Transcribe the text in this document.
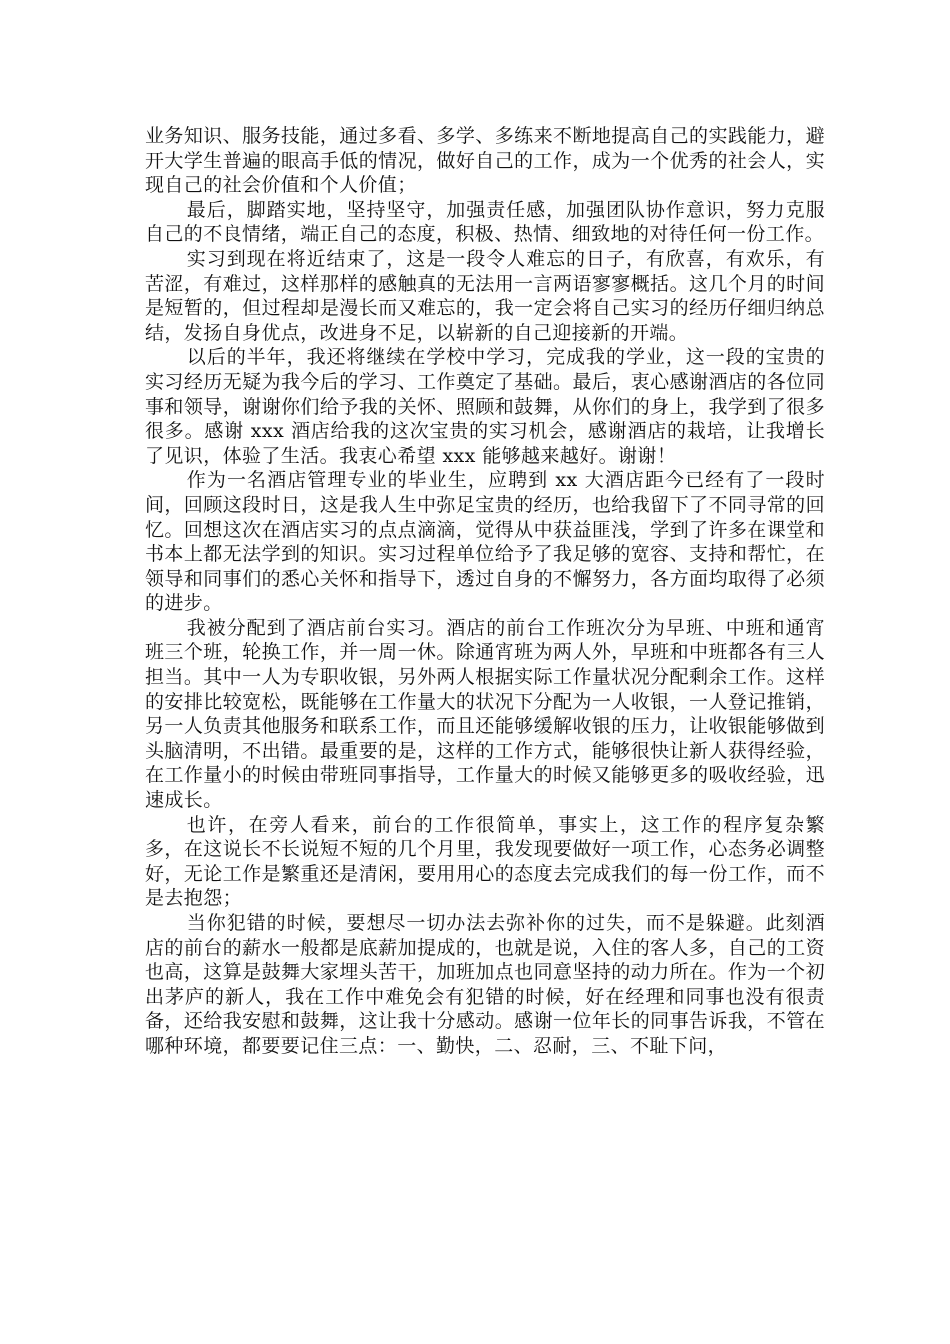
业务知识、服务技能，通过多看、多学、多练来不断地提高自己的实践能力，避开大学生普遍的眼高手低的情况，做好自己的工作，成为一个优秀的社会人，实现自己的社会价值和个人价值；

最后，脚踏实地，坚持坚守，加强责任感，加强团队协作意识，努力克服自己的不良情绪，端正自己的态度，积极、热情、细致地的对待任何一份工作。

实习到现在将近结束了，这是一段令人难忘的日子，有欣喜，有欢乐，有苦涩，有难过，这样那样的感触真的无法用一言两语寥寥概括。这几个月的时间是短暂的，但过程却是漫长而又难忘的，我一定会将自己实习的经历仔细归纳总结，发扬自身优点，改进身不足，以崭新的自己迎接新的开端。

以后的半年，我还将继续在学校中学习，完成我的学业，这一段的宝贵的实习经历无疑为我今后的学习、工作奠定了基础。最后，衷心感谢酒店的各位同事和领导，谢谢你们给予我的关怀、照顾和鼓舞，从你们的身上，我学到了很多很多。感谢 xxx 酒店给我的这次宝贵的实习机会，感谢酒店的栽培，让我增长了见识，体验了生活。我衷心希望 xxx 能够越来越好。谢谢！

作为一名酒店管理专业的毕业生，应聘到 xx 大酒店距今已经有了一段时间，回顾这段时日，这是我人生中弥足宝贵的经历，也给我留下了不同寻常的回忆。回想这次在酒店实习的点点滴滴，觉得从中获益匪浅，学到了许多在课堂和书本上都无法学到的知识。实习过程单位给予了我足够的宽容、支持和帮忙，在领导和同事们的悉心关怀和指导下，透过自身的不懈努力，各方面均取得了必须的进步。

我被分配到了酒店前台实习。酒店的前台工作班次分为早班、中班和通宵班三个班，轮换工作，并一周一休。除通宵班为两人外，早班和中班都各有三人担当。其中一人为专职收银，另外两人根据实际工作量状况分配剩余工作。这样的安排比较宽松，既能够在工作量大的状况下分配为一人收银，一人登记推销，另一人负责其他服务和联系工作，而且还能够缓解收银的压力，让收银能够做到头脑清明，不出错。最重要的是，这样的工作方式，能够很快让新人获得经验，在工作量小的时候由带班同事指导，工作量大的时候又能够更多的吸收经验，迅速成长。

也许，在旁人看来，前台的工作很简单，事实上，这工作的程序复杂繁多，在这说长不长说短不短的几个月里，我发现要做好一项工作，心态务必调整好，无论工作是繁重还是清闲，要用用心的态度去完成我们的每一份工作，而不是去抱怨；

当你犯错的时候，要想尽一切办法去弥补你的过失，而不是躲避。此刻酒店的前台的薪水一般都是底薪加提成的，也就是说，入住的客人多，自己的工资也高，这算是鼓舞大家埋头苦干，加班加点也同意坚持的动力所在。作为一个初出茅庐的新人，我在工作中难免会有犯错的时候，好在经理和同事也没有很责备，还给我安慰和鼓舞，这让我十分感动。感谢一位年长的同事告诉我，不管在哪种环境，都要要记住三点：一、勤快，二、忍耐，三、不耻下问，
